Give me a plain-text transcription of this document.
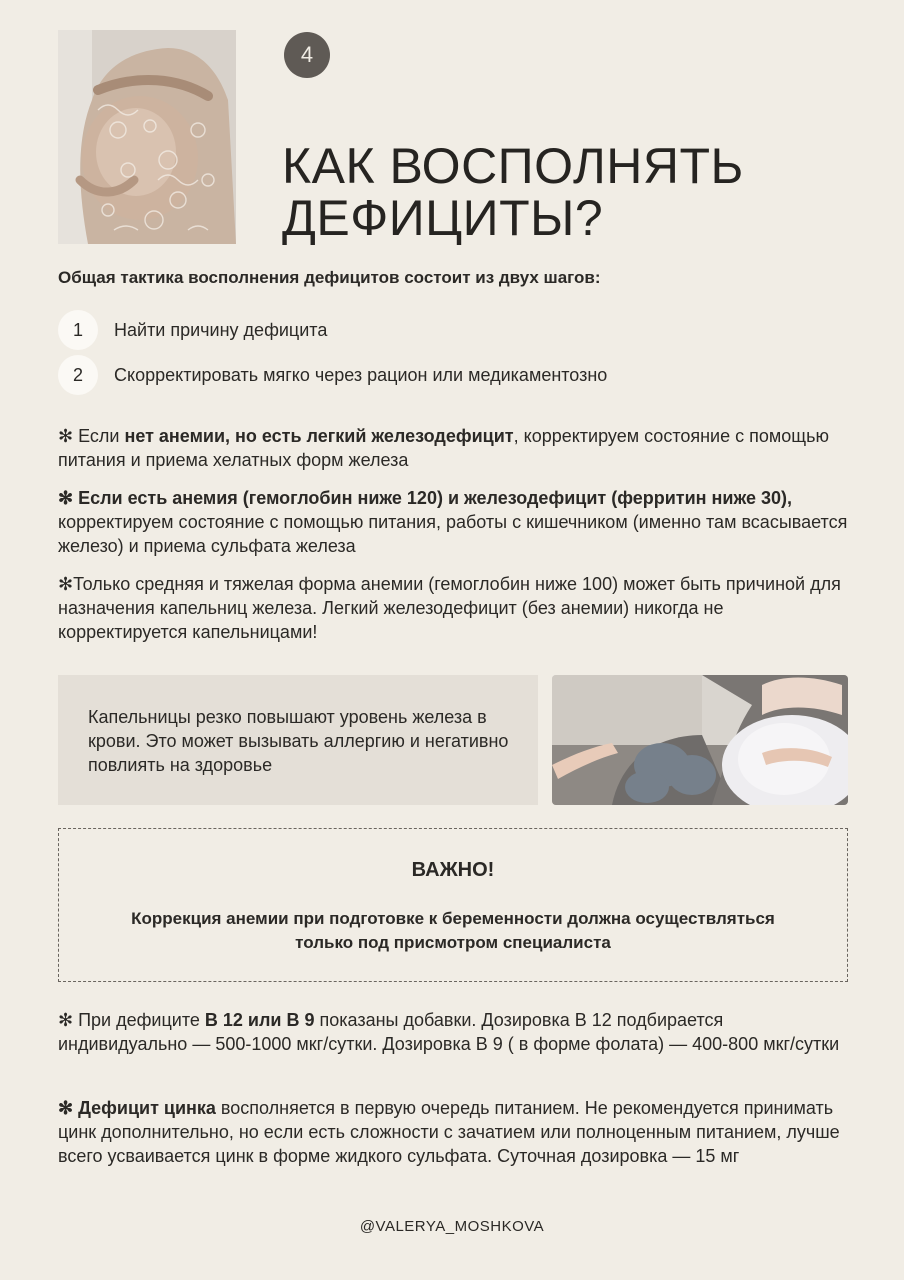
4
КАК ВОСПОЛНЯТЬ
ДЕФИЦИТЫ?

Общая тактика восполнения дефицитов состоит из двух шагов:

1	Найти причину дефицита
2	Скорректировать мягко через рацион или медикаментозно

✻ Если нет анемии, но есть легкий железодефицит, корректируем состояние с помощью питания и приема хелатных форм железа

✻ Если есть анемия (гемоглобин ниже 120) и железодефицит (ферритин ниже 30), корректируем состояние с помощью питания, работы с кишечником (именно там всасывается железо) и приема сульфата железа

✻Только средняя и тяжелая форма анемии (гемоглобин ниже 100) может быть причиной для назначения капельниц железа. Легкий железодефицит (без анемии) никогда не корректируется капельницами!

Капельницы резко повышают уровень железа в крови. Это может вызывать аллергию и негативно повлиять на здоровье

ВАЖНО!

Коррекция анемии при подготовке к беременности должна осуществляться только под присмотром специалиста

✻ При дефиците В 12 или В 9 показаны добавки. Дозировка В 12 подбирается индивидуально — 500-1000 мкг/сутки. Дозировка В 9 ( в форме фолата) — 400-800 мкг/сутки

✻ Дефицит цинка восполняется в первую очередь питанием. Не рекомендуется принимать цинк дополнительно, но если есть сложности с зачатием или полноценным питанием, лучше всего усваивается цинк в форме жидкого сульфата. Суточная дозировка — 15 мг

@VALERYA_MOSHKOVA
